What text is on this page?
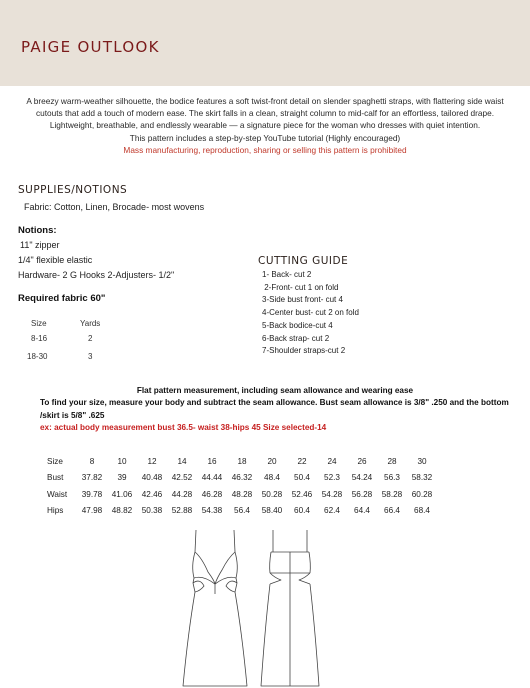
PAIGE OUTLOOK

A breezy warm-weather silhouette, the bodice features a soft twist-front detail on slender spaghetti straps, with flattering side waist cutouts that add a touch of modern ease. The skirt falls in a clean, straight column to mid-calf for an effortless, tailored drape. Lightweight, breathable, and endlessly wearable — a signature piece for the woman who dresses with quiet intention.

This pattern includes a step-by-step YouTube tutorial (Highly encouraged)

Mass manufacturing, reproduction, sharing or selling this pattern is prohibited

SUPPLIES/NOTIONS

Fabric: Cotton, Linen, Brocade- most wovens

Notions:

11" zipper

1/4" flexible elastic

Hardware- 2 G Hooks 2-Adjusters- 1/2"

Required fabric 60"

Size	Yards
8-16	2
18-30	3
CUTTING GUIDE
1- Back- cut 2
2-Front- cut 1 on fold
3-Side bust front- cut 4
4-Center bust- cut 2 on fold
5-Back bodice-cut 4
6-Back strap- cut 2
7-Shoulder straps-cut 2

Flat pattern measurement, including seam allowance and wearing ease

To find your size, measure your body and subtract the seam allowance. Bust seam allowance is 3/8" .250 and the bottom /skirt is 5/8" .625

ex: actual body measurement bust 36.5- waist 38-hips 45 Size selected-14

Size	8	10	12	14	16	18	20	22	24	26	28	30
Bust	37.82	39	40.48	42.52	44.44	46.32	48.4	50.4	52.3	54.24	56.3	58.32
Waist	39.78	41.06	42.46	44.28	46.28	48.28	50.28	52.46	54.28	56.28	58.28	60.28
Hips	47.98	48.82	50.38	52.88	54.38	56.4	58.40	60.4	62.4	64.4	66.4	68.4
